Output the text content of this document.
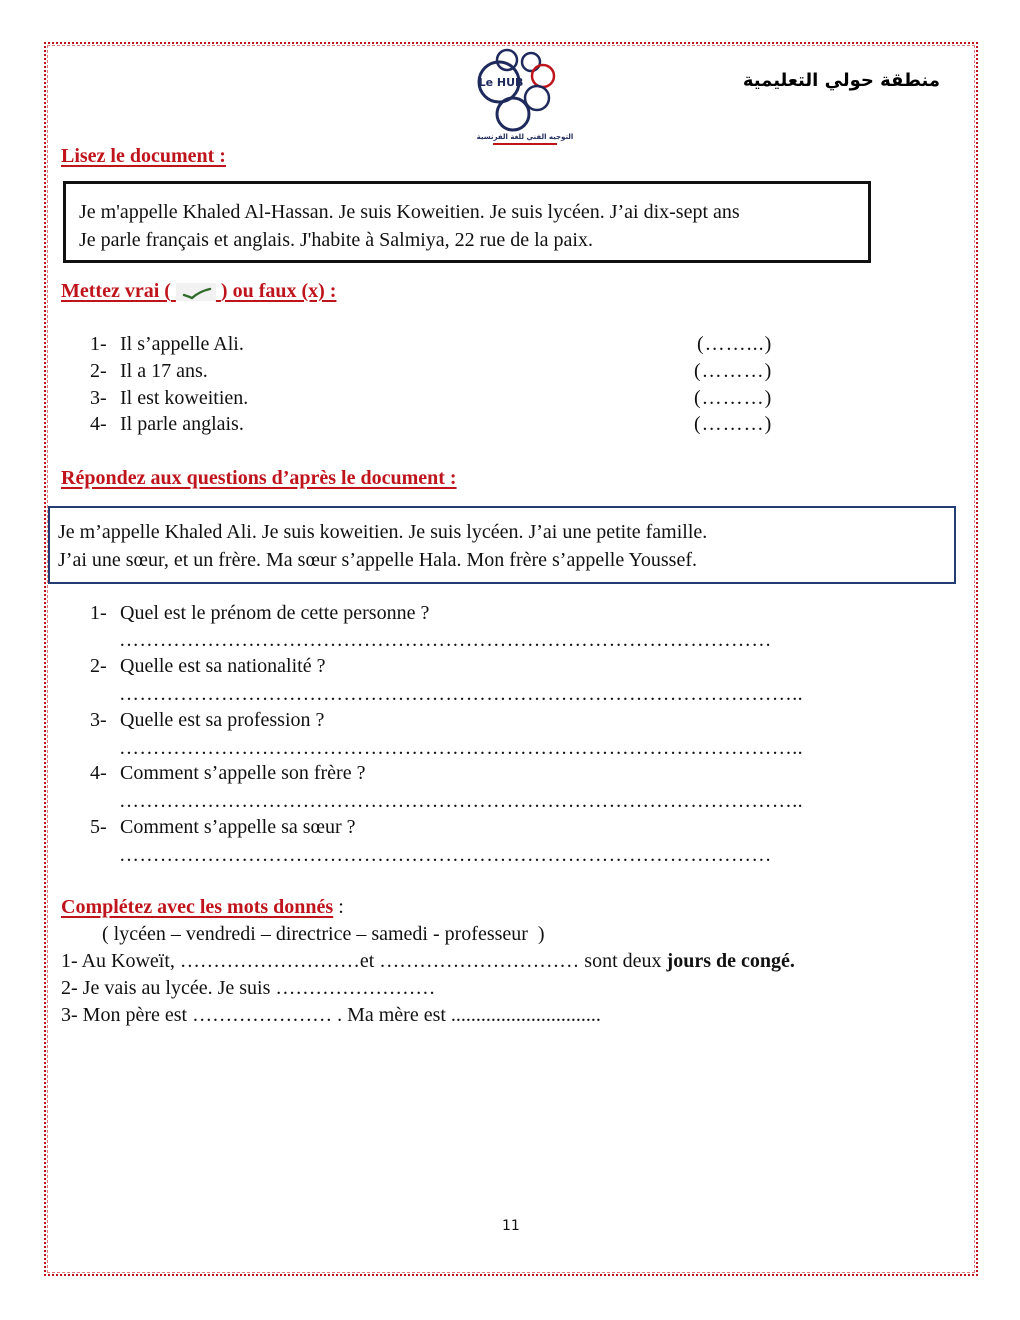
Le HUB
التوجيه الفني للغة الفرنسية
منطقة حولي التعليمية
Lisez le document :
Je m'appelle Khaled Al-Hassan. Je suis Koweitien. Je suis lycéen. J’ai dix-sept ans
Je parle français et anglais. J'habite à Salmiya, 22 rue de la paix.
Mettez vrai (	) ou faux (x) :
1- Il s’appelle Ali.
2- Il a 17 ans.
3- Il est koweitien.
4- Il parle anglais.
(……...)
(………)
(………)
(………)
Répondez aux questions d’après le document :
Je m’appelle Khaled Ali. Je suis koweitien. Je suis lycéen. J’ai une petite famille.
J’ai une sœur, et un frère. Ma sœur s’appelle Hala. Mon frère s’appelle Youssef.
1- Quel est le prénom de cette personne ?
……………………………………………………………………………………
2- Quelle est sa nationalité ?
………………………………………………………………………………………..
3- Quelle est sa profession ?
………………………………………………………………………………………..
4- Comment s’appelle son frère ?
………………………………………………………………………………………..
5- Comment s’appelle sa sœur ?
……………………………………………………………………………………
Complétez avec les mots donnés :
( lycéen – vendredi – directrice – samedi - professeur  )
1- Au Koweït, ………………………et ………………………… sont deux jours de congé.
2- Je vais au lycée. Je suis ……………………
3- Mon père est ………………… . Ma mère est ..............................
11
